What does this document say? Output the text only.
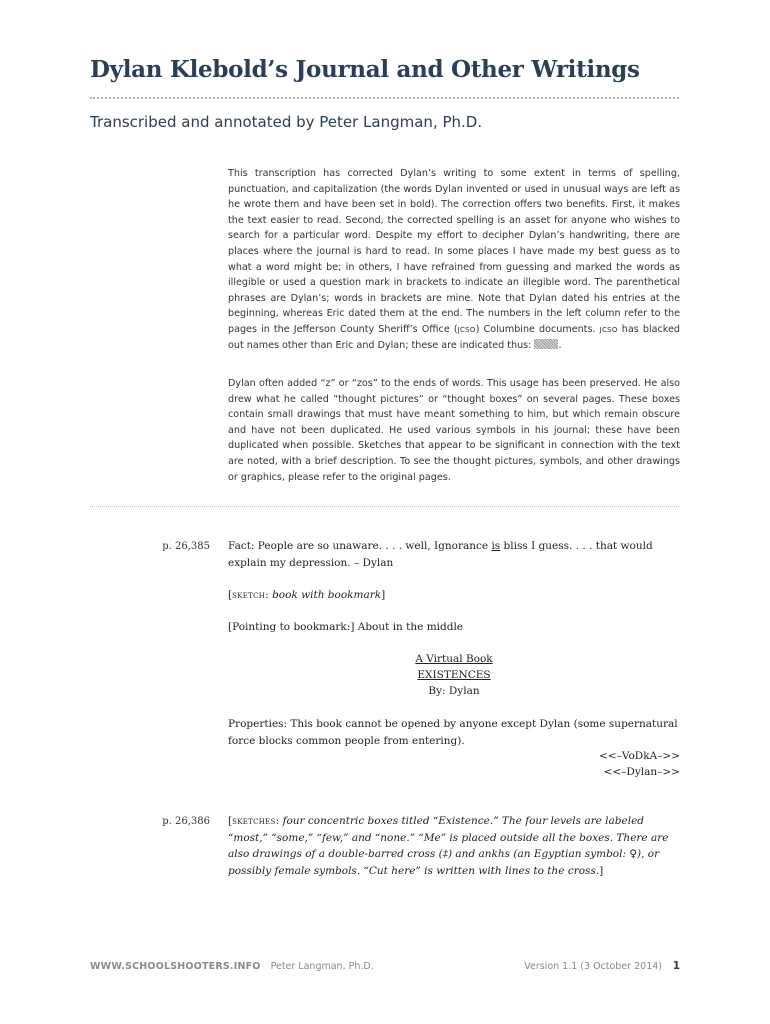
Dylan Klebold’s Journal and Other Writings
Transcribed and annotated by Peter Langman, Ph.D.

This transcription has corrected Dylan’s writing to some extent in terms of spelling, punctuation, and capitalization (the words Dylan invented or used in unusual ways are left as he wrote them and have been set in bold). The correction offers two benefits. First, it makes the text easier to read. Second, the corrected spelling is an asset for anyone who wishes to search for a particular word. Despite my effort to decipher Dylan’s handwriting, there are places where the journal is hard to read. In some places I have made my best guess as to what a word might be; in others, I have refrained from guessing and marked the words as illegible or used a question mark in brackets to indicate an illegible word. The parenthetical phrases are Dylan’s; words in brackets are mine. Note that Dylan dated his entries at the beginning, whereas Eric dated them at the end. The numbers in the left column refer to the pages in the Jefferson County Sheriff’s Office (jcso) Columbine documents. jcso has blacked out names other than Eric and Dylan; these are indicated thus:	.

Dylan often added “z” or “zos” to the ends of words. This usage has been preserved. He also drew what he called “thought pictures” or “thought boxes” on several pages. These boxes contain small drawings that must have meant something to him, but which remain obscure and have not been duplicated. He used various symbols in his journal; these have been duplicated when possible. Sketches that appear to be significant in connection with the text are noted, with a brief description. To see the thought pictures, symbols, and other drawings or graphics, please refer to the original pages.

p. 26,385 Fact: People are so unaware. . . . well, Ignorance is bliss I guess. . . . that would explain my depression. – Dylan

[sketch: book with bookmark]

[Pointing to bookmark:] About in the middle

A Virtual Book

EXISTENCES

By: Dylan

Properties: This book cannot be opened by anyone except Dylan (some supernatural force blocks common people from entering).

<<–VoDkA–>>

<<–Dylan–>>

p. 26,386 [sketches: four concentric boxes titled “Existence.” The four levels are labeled “most,” “some,” “few,” and “none.” “Me” is placed outside all the boxes. There are also drawings of a double-barred cross (‡) and ankhs (an Egyptian symbol: ♀), or possibly female symbols. “Cut here” is written with lines to the cross.]

WWW.SCHOOLSHOOTERS.INFO Peter Langman, Ph.D.	Version 1.1 (3 October 2014) 1
